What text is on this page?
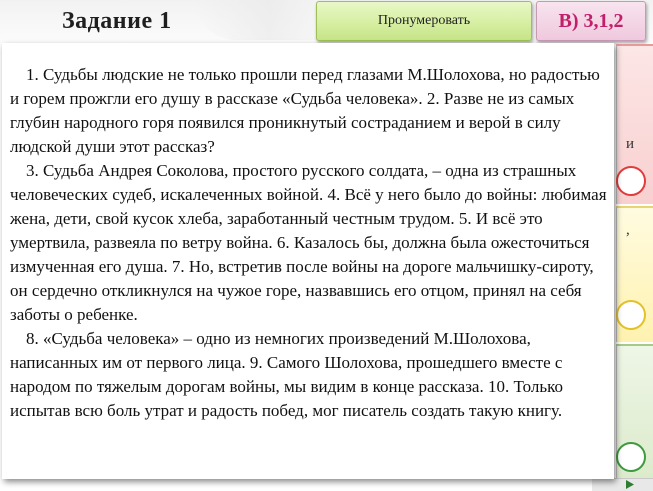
Задание 1	Пронумеровать	В) 3,1,2
и
,

1. Судьбы людские не только прошли перед глазами М.Шолохова, но радостью и горем прожгли его душу в рассказе «Судьба человека». 2. Разве не из самых глубин народного горя появился проникнутый состраданием и верой в силу людской души этот рассказ?

3. Судьба Андрея Соколова, простого русского солдата, – одна из страшных человеческих судеб, искалеченных войной. 4. Всё у него было до войны: любимая жена, дети, свой кусок хлеба, заработанный честным трудом. 5. И всё это умертвила, развеяла по ветру война. 6. Казалось бы, должна была ожесточиться измученная его душа. 7. Но, встретив после войны на дороге мальчишку-сироту, он сердечно откликнулся на чужое горе, назвавшись его отцом, принял на себя заботы о ребенке.

8. «Судьба человека» – одно из немногих произведений М.Шолохова, написанных им от первого лица. 9. Самого Шолохова, прошедшего вместе с народом по тяжелым дорогам войны, мы видим в конце рассказа. 10. Только испытав всю боль утрат и радость побед, мог писатель создать такую книгу.
